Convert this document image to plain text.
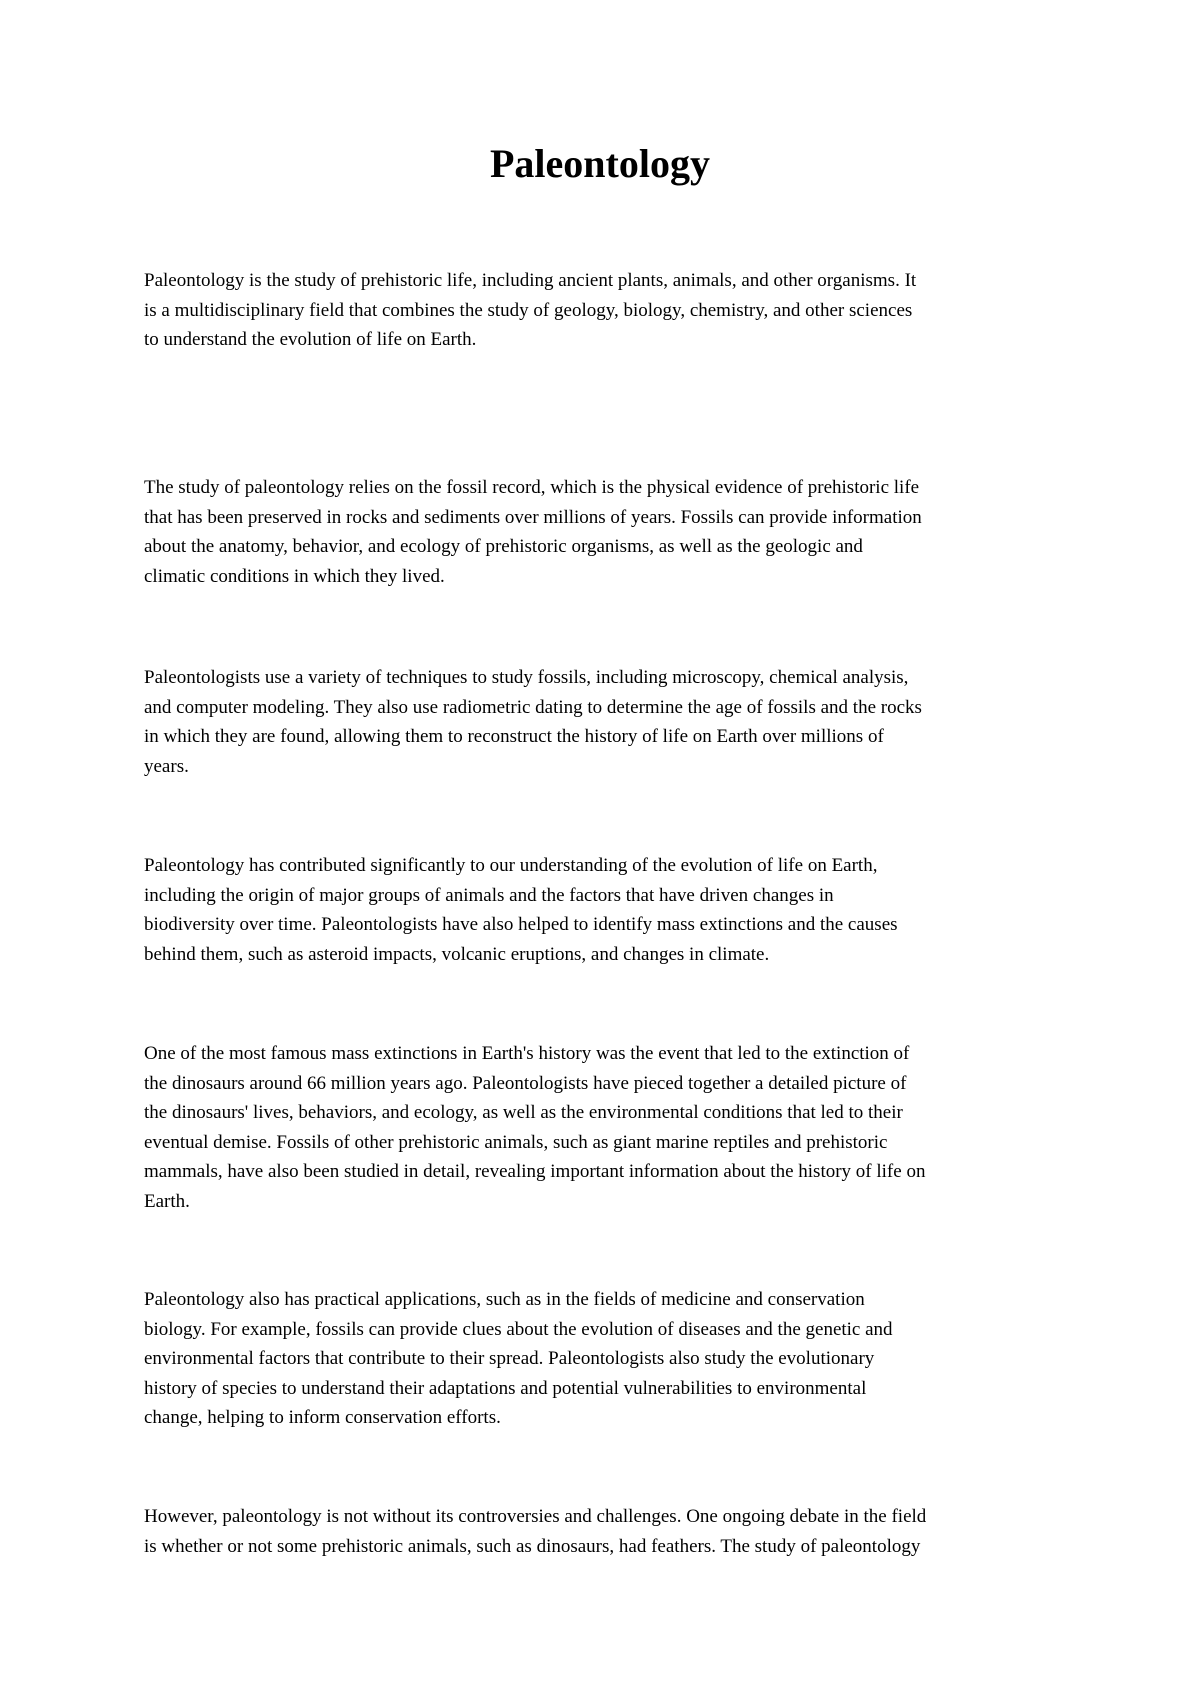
Paleontology

Paleontology is the study of prehistoric life, including ancient plants, animals, and other organisms. It
is a multidisciplinary field that combines the study of geology, biology, chemistry, and other sciences
to understand the evolution of life on Earth.

The study of paleontology relies on the fossil record, which is the physical evidence of prehistoric life
that has been preserved in rocks and sediments over millions of years. Fossils can provide information
about the anatomy, behavior, and ecology of prehistoric organisms, as well as the geologic and
climatic conditions in which they lived.

Paleontologists use a variety of techniques to study fossils, including microscopy, chemical analysis,
and computer modeling. They also use radiometric dating to determine the age of fossils and the rocks
in which they are found, allowing them to reconstruct the history of life on Earth over millions of
years.

Paleontology has contributed significantly to our understanding of the evolution of life on Earth,
including the origin of major groups of animals and the factors that have driven changes in
biodiversity over time. Paleontologists have also helped to identify mass extinctions and the causes
behind them, such as asteroid impacts, volcanic eruptions, and changes in climate.

One of the most famous mass extinctions in Earth's history was the event that led to the extinction of
the dinosaurs around 66 million years ago. Paleontologists have pieced together a detailed picture of
the dinosaurs' lives, behaviors, and ecology, as well as the environmental conditions that led to their
eventual demise. Fossils of other prehistoric animals, such as giant marine reptiles and prehistoric
mammals, have also been studied in detail, revealing important information about the history of life on
Earth.

Paleontology also has practical applications, such as in the fields of medicine and conservation
biology. For example, fossils can provide clues about the evolution of diseases and the genetic and
environmental factors that contribute to their spread. Paleontologists also study the evolutionary
history of species to understand their adaptations and potential vulnerabilities to environmental
change, helping to inform conservation efforts.

However, paleontology is not without its controversies and challenges. One ongoing debate in the field
is whether or not some prehistoric animals, such as dinosaurs, had feathers. The study of paleontology
